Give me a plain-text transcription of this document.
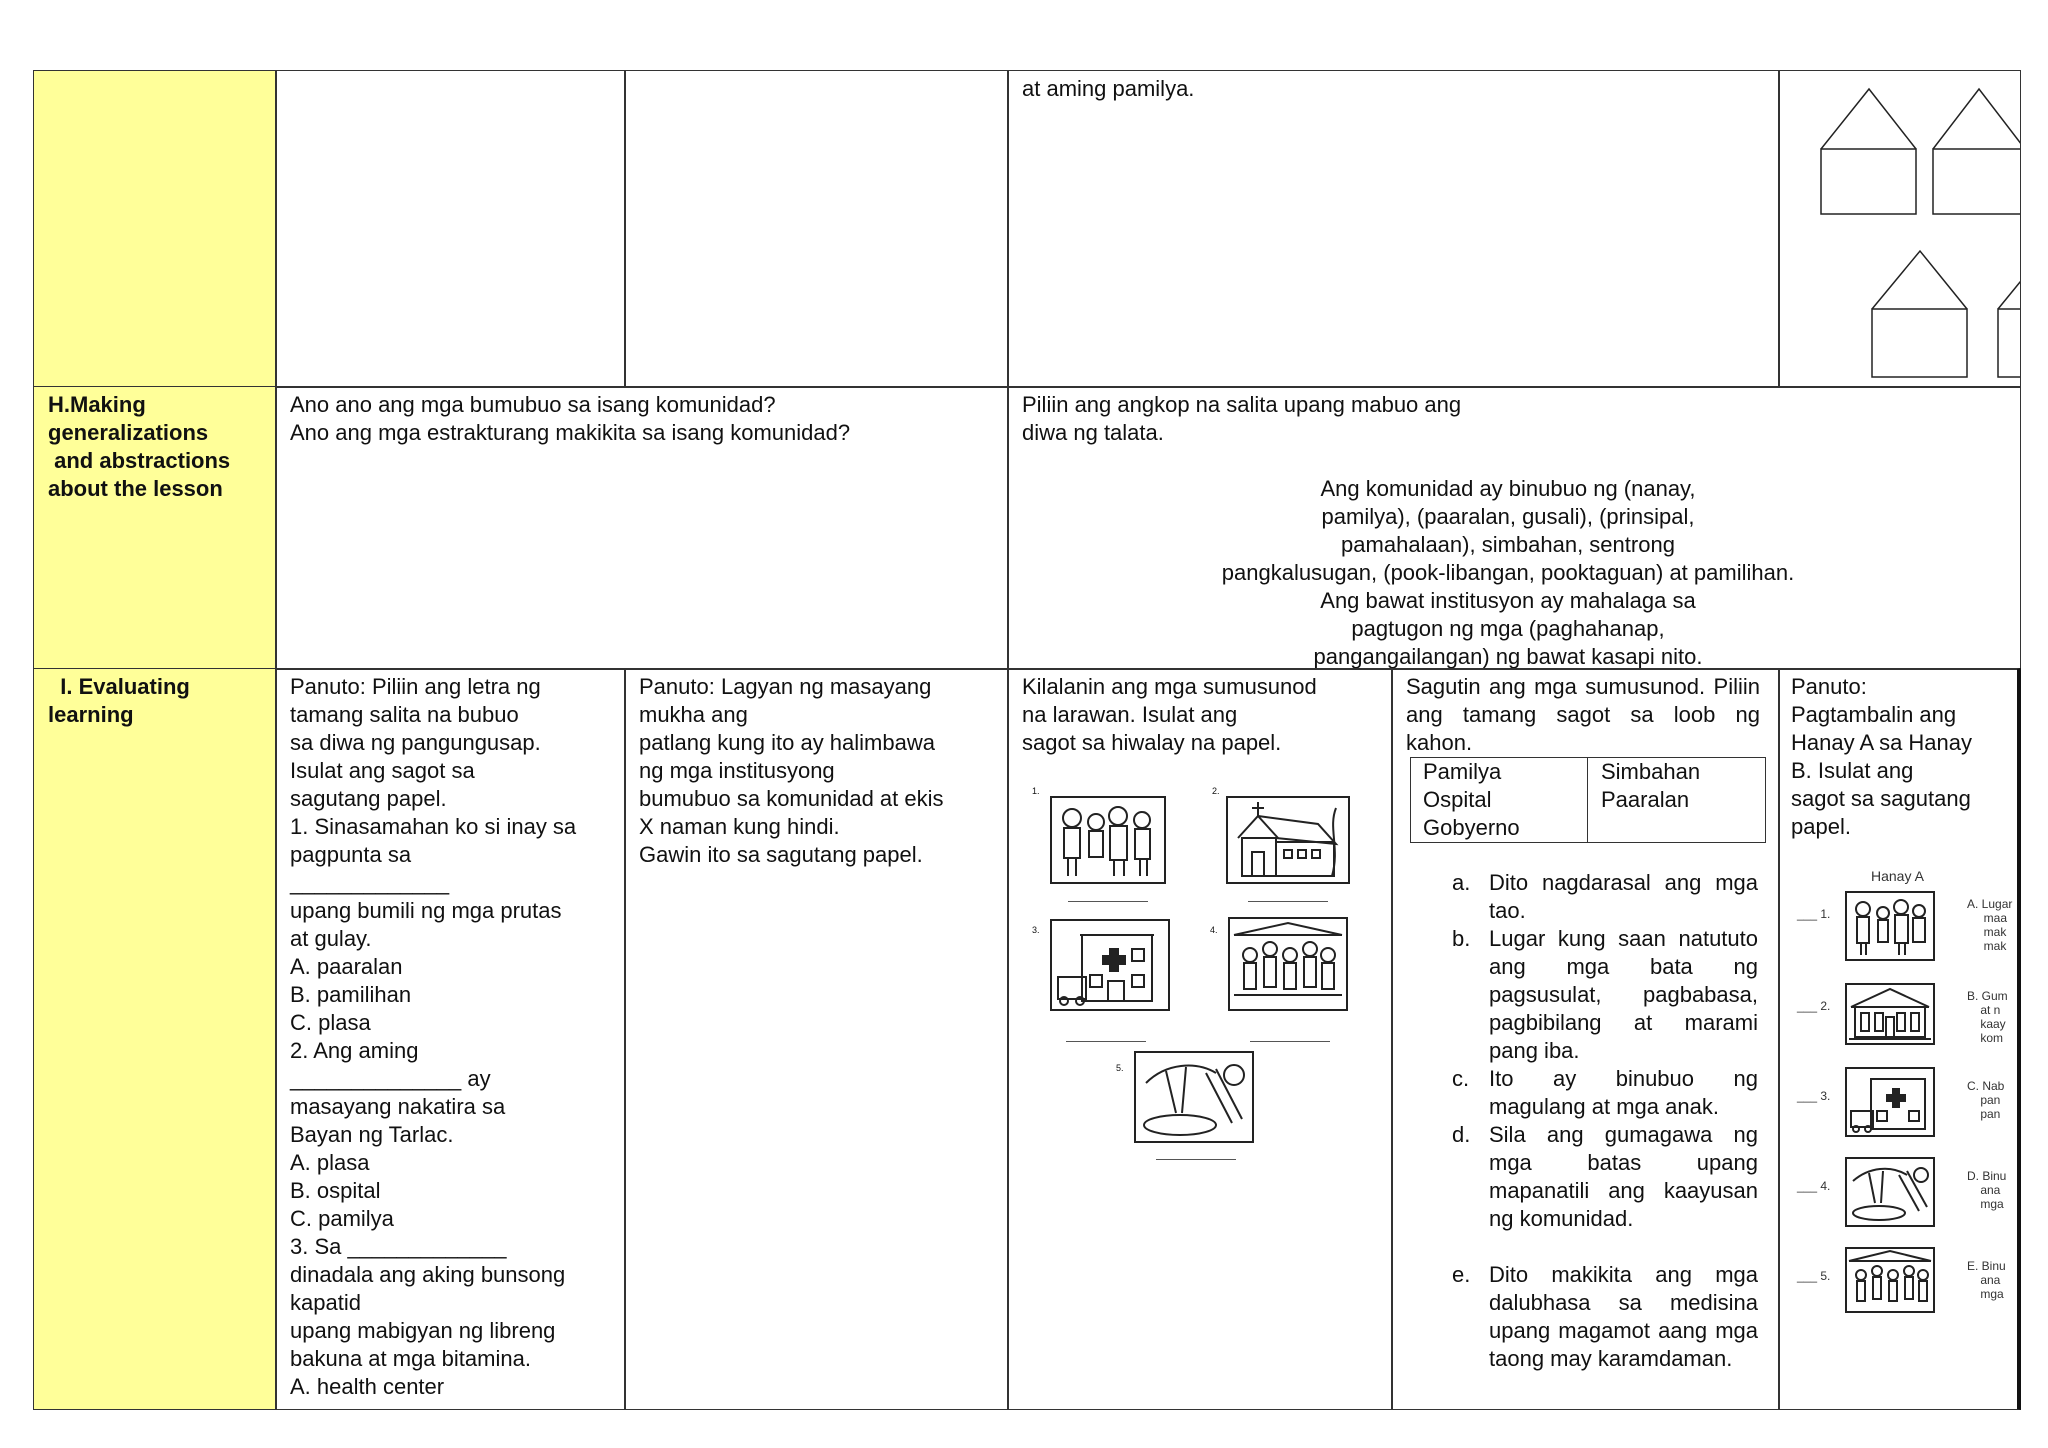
at aming pamilya.
H.Making
generalizations
and abstractions
about the lesson
Ano ano ang mga bumubuo sa isang komunidad?
Ano ang mga estrakturang makikita sa isang komunidad?
Piliin ang angkop na salita upang mabuo ang
diwa ng talata.
Ang komunidad ay binubuo ng (nanay,
pamilya), (paaralan, gusali), (prinsipal,
pamahalaan), simbahan, sentrong
pangkalusugan, (pook-libangan, pooktaguan) at pamilihan.
Ang bawat institusyon ay mahalaga sa
pagtugon ng mga (paghahanap,
pangangailangan) ng bawat kasapi nito.
I. Evaluating
learning
Panuto: Piliin ang letra ng
tamang salita na bubuo
sa diwa ng pangungusap.
Isulat ang sagot sa
sagutang papel.
1. Sinasamahan ko si inay sa
pagpunta sa
_____________
upang bumili ng mga prutas
at gulay.
A. paaralan
B. pamilihan
C. plasa
2. Ang aming
______________ ay
masayang nakatira sa
Bayan ng Tarlac.
A. plasa
B. ospital
C. pamilya
3. Sa _____________
dinadala ang aking bunsong
kapatid
upang mabigyan ng libreng
bakuna at mga bitamina.
A. health center
Panuto: Lagyan ng masayang
mukha ang
patlang kung ito ay halimbawa
ng mga institusyong
bumubuo sa komunidad at ekis
X naman kung hindi.
Gawin ito sa sagutang papel.
Kilalanin ang mga sumusunod
na larawan. Isulat ang
sagot sa hiwalay na papel.
1.	2.
3.	4.
5.
Sagutin ang mga sumusunod. Piliin ang tamang sagot sa loob ng kahon.
Pamilya
Ospital
Gobyerno
Simbahan
Paaralan
a. Dito nagdarasal ang mga tao.
b. Lugar kung saan natututo ang mga bata ng pagsusulat, pagbabasa, pagbibilang at marami pang iba.
c. Ito ay binubuo ng magulang at mga anak.
d. Sila ang gumagawa ng mga batas upang mapanatili ang kaayusan ng komunidad.
e. Dito makikita ang mga dalubhasa sa medisina upang magamot aang mga taong may karamdaman.
Panuto:
Pagtambalin ang
Hanay A sa Hanay
B. Isulat ang
sagot sa sagutang
papel.
Hanay A
___ 1.
A. Lugar
maa
mak
mak
___ 2.
B. Gum
at n
kaay
kom
___ 3.
C. Nab
pan
pan
___ 4.
D. Binu
ana
mga
___ 5.
E. Binu
ana
mga
